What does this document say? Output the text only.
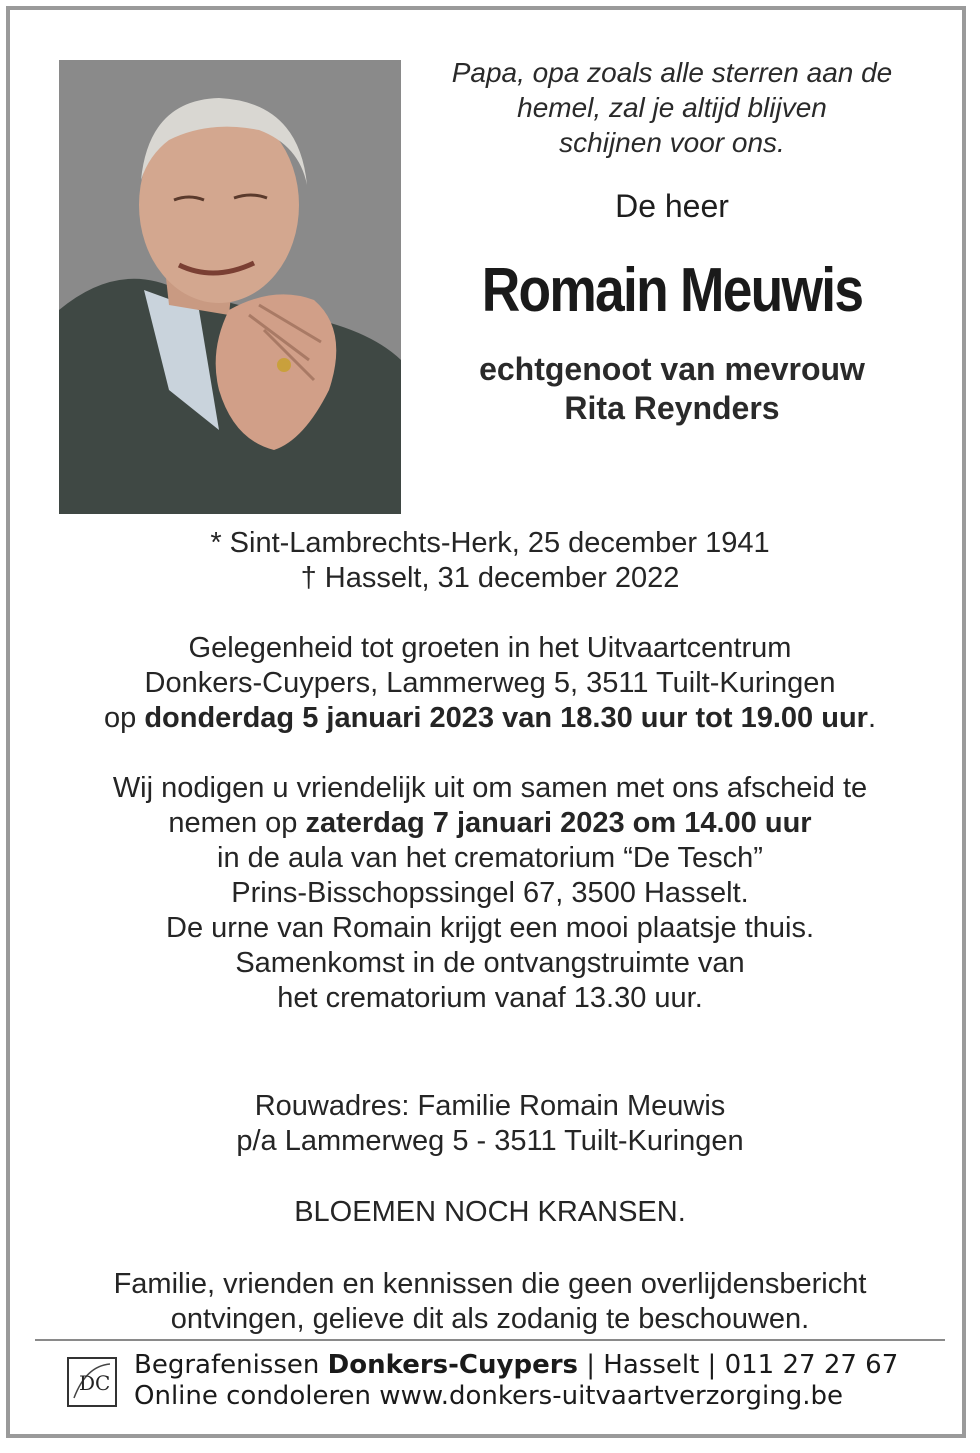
Papa, opa zoals alle sterren aan de
hemel, zal je altijd blijven
schijnen voor ons.

De heer
Romain Meuwis
echtgenoot van mevrouw
Rita Reynders
* Sint-Lambrechts-Herk, 25 december 1941
† Hasselt, 31 december 2022
Gelegenheid tot groeten in het Uitvaartcentrum
Donkers-Cuypers, Lammerweg 5, 3511 Tuilt-Kuringen
op donderdag 5 januari 2023 van 18.30 uur tot 19.00 uur.
Wij nodigen u vriendelijk uit om samen met ons afscheid te
nemen op zaterdag 7 januari 2023 om 14.00 uur
in de aula van het crematorium “De Tesch”
Prins-Bisschopssingel 67, 3500 Hasselt.
De urne van Romain krijgt een mooi plaatsje thuis.
Samenkomst in de ontvangstruimte van
het crematorium vanaf 13.30 uur.
Rouwadres: Familie Romain Meuwis
p/a Lammerweg 5 - 3511 Tuilt-Kuringen
BLOEMEN NOCH KRANSEN.
Familie, vrienden en kennissen die geen overlijdensbericht
ontvingen, gelieve dit als zodanig te beschouwen.
DC
Begrafenissen Donkers-Cuypers | Hasselt | 011 27 27 67
Online condoleren www.donkers-uitvaartverzorging.be
